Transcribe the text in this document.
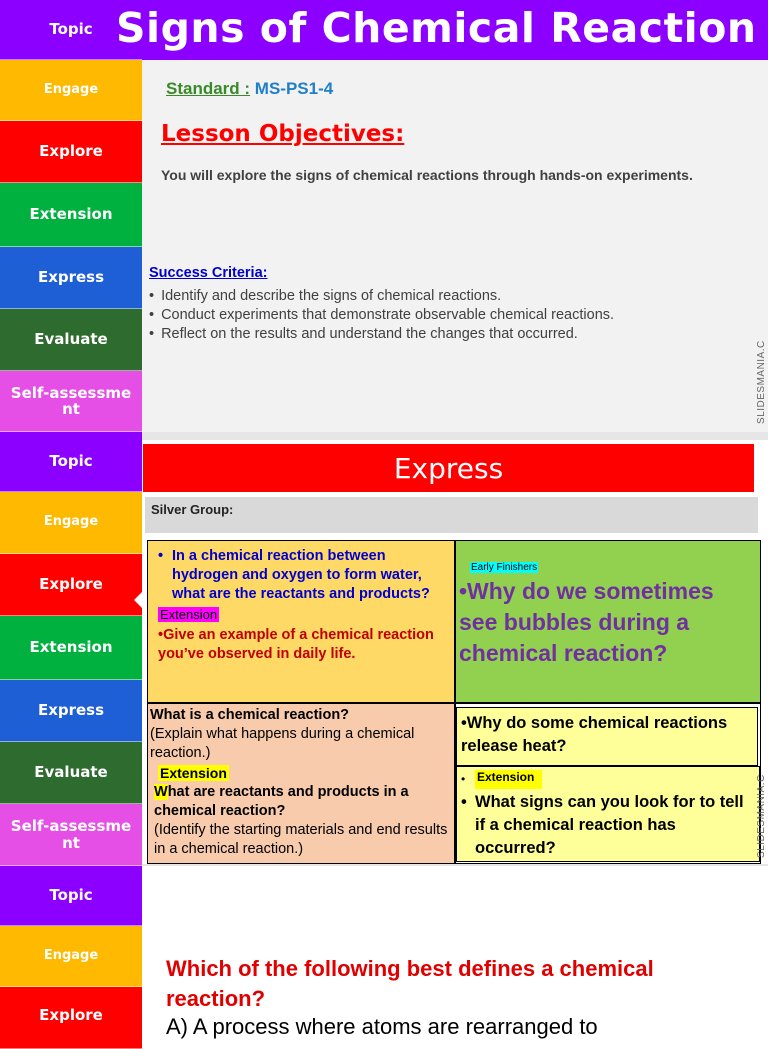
Topic
Engage
Explore
Extension
Express
Evaluate
Self-assessment
Topic
Engage
Explore
Extension
Express
Evaluate
Self-assessment
Topic
Engage
Explore
Signs of Chemical Reaction
Standard : MS-PS1-4
Lesson Objectives:
You will explore the signs of chemical reactions through hands-on experiments.
Success Criteria:
• Identify and describe the signs of chemical reactions.
• Conduct experiments that demonstrate observable chemical reactions.
• Reflect on the results and understand the changes that occurred.
SLIDESMANIA.C
Express
Silver Group:
• In a chemical reaction between hydrogen and oxygen to form water, what are the reactants and products?
Extension
•Give an example of a chemical reaction you’ve observed in daily life.
Early Finishers
•Why do we sometimes see bubbles during a chemical reaction?
What is a chemical reaction?
(Explain what happens during a chemical reaction.)
Extension
What are reactants and products in a chemical reaction?
(Identify the starting materials and end results in a chemical reaction.)
•Why do some chemical reactions release heat?
• Extension
• What signs can you look for to tell if a chemical reaction has occurred?	SLIDESMANIA.C
Which of the following best defines a chemical reaction?
A) A process where atoms are rearranged to
